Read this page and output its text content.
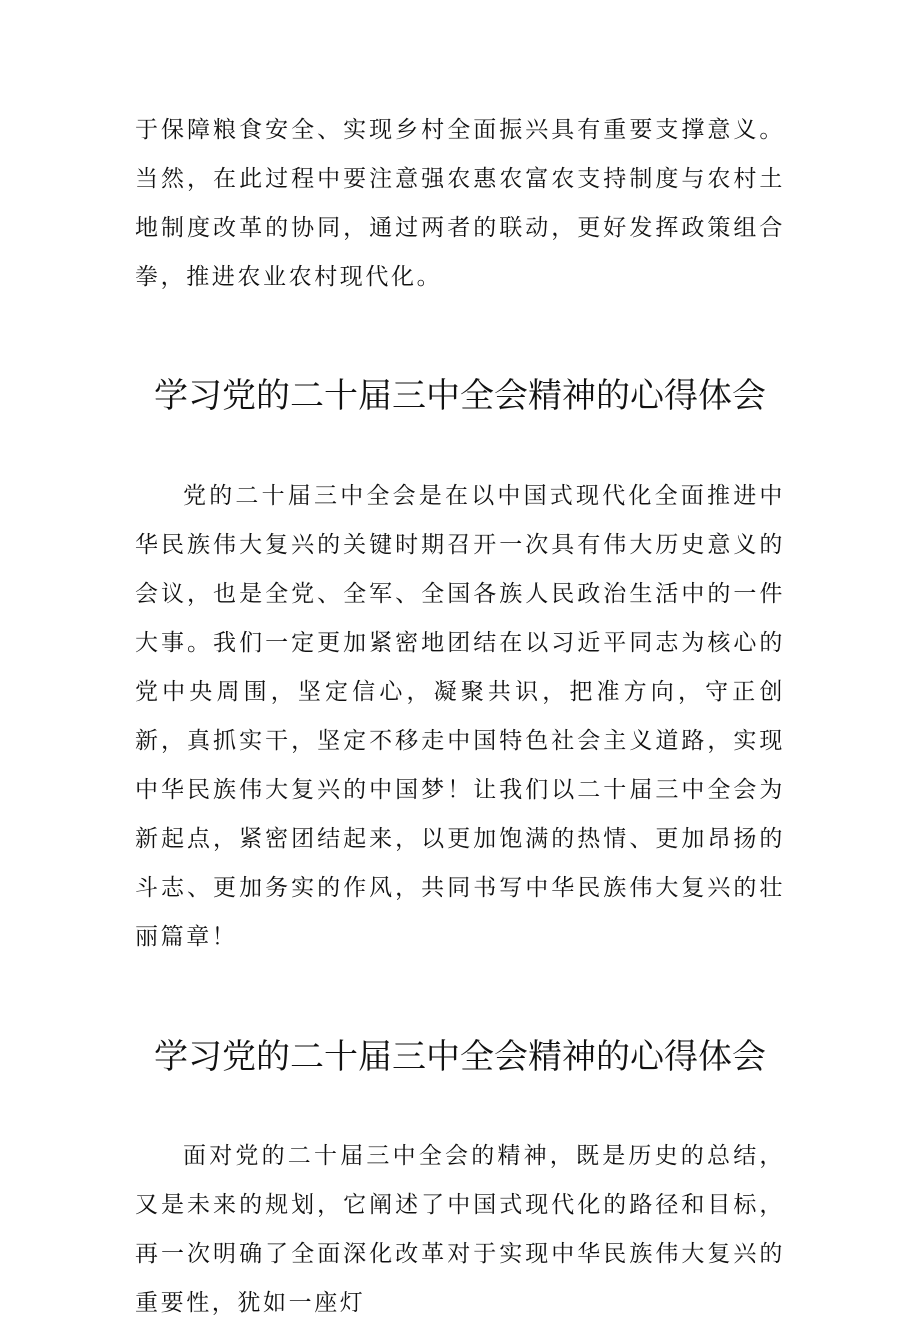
于保障粮食安全、实现乡村全面振兴具有重要支撑意义。当然，在此过程中要注意强农惠农富农支持制度与农村土地制度改革的协同，通过两者的联动，更好发挥政策组合拳，推进农业农村现代化。

学习党的二十届三中全会精神的心得体会

党的二十届三中全会是在以中国式现代化全面推进中华民族伟大复兴的关键时期召开一次具有伟大历史意义的会议，也是全党、全军、全国各族人民政治生活中的一件大事。我们一定更加紧密地团结在以习近平同志为核心的党中央周围，坚定信心，凝聚共识，把准方向，守正创新，真抓实干，坚定不移走中国特色社会主义道路，实现中华民族伟大复兴的中国梦！让我们以二十届三中全会为新起点，紧密团结起来，以更加饱满的热情、更加昂扬的斗志、更加务实的作风，共同书写中华民族伟大复兴的壮丽篇章！

学习党的二十届三中全会精神的心得体会

面对党的二十届三中全会的精神，既是历史的总结，又是未来的规划，它阐述了中国式现代化的路径和目标，再一次明确了全面深化改革对于实现中华民族伟大复兴的重要性，犹如一座灯
